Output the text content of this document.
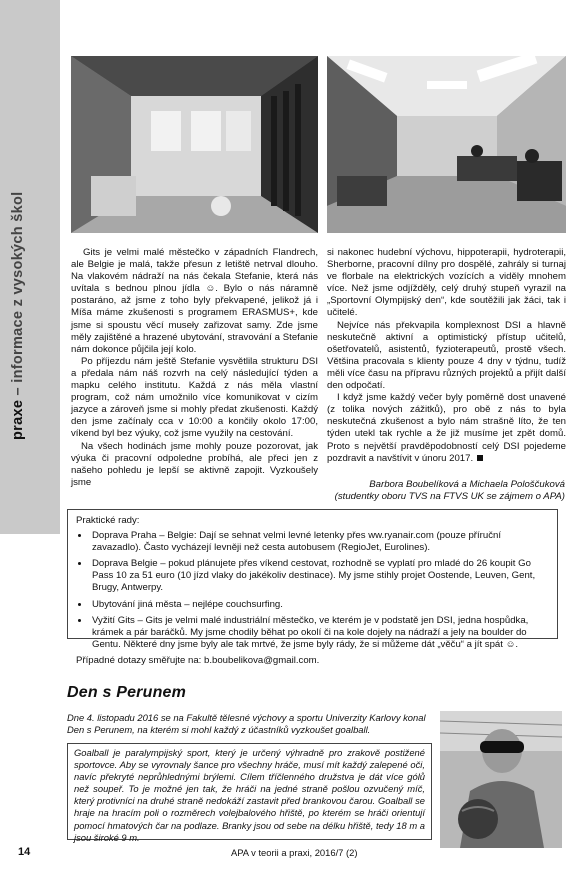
praxe – informace z vysokých škol	Gits je velmi malé městečko v západních Flandrech, ale Belgie je malá, takže přesun z letiště netrval dlouho. Na vlakovém nádraží na nás čekala Stefanie, která nás uvítala s bednou plnou jídla ☺. Bylo o nás náramně postaráno, až jsme z toho byly překvapené, jelikož já i Míša máme zkušenosti s programem ERASMUS+, kde jsme si spoustu věcí museły zařizovat samy. Zde jsme měly zajištěné a hrazené ubytování, stravování a Stefanie nám dokonce půjčila její kolo.

Po příjezdu nám ještě Stefanie vysvětlila strukturu DSI a předala nám náš rozvrh na celý následující týden a mapku celého institutu. Každá z nás měla vlastní program, což nám umožnilo více komunikovat v cizím jazyce a zároveň jsme si mohly předat zkušenosti. Každý den jsme začínaly cca v 10:00 a končily okolo 17:00, víkend byl bez výuky, což jsme využily na cestování.

Na všech hodinách jsme mohly pouze pozorovat, jak výuka či pracovní odpoledne probíhá, ale přeci jen z našeho pohledu je lepší se aktivně zapojit. Vyzkoušely jsme

si nakonec hudební výchovu, hippoterapii, hydroterapii, Sherborne, pracovní dílny pro dospělé, zahrály si turnaj ve florbale na elektrických vozících a viděly mnohem více. Než jsme odjížděly, celý druhý stupeň vyrazil na „Sportovní Olympijský den“, kde soutěžili jak žáci, tak i učitelé.

Nejvíce nás překvapila komplexnost DSI a hlavně neskutečně aktivní a optimistický přístup učitelů, ošetřovatelů, asistentů, fyzioterapeutů, prostě všech. Většina pracovala s klienty pouze 4 dny v týdnu, tudíž měli více času na přípravu různých projektů a přijít další den odpočatí.

I když jsme každý večer byly poměrně dost unavené (z tolika nových zážitků), pro obě z nás to byla neskutečná zkušenost a bylo nám strašně líto, že ten týden utekl tak rychle a že již musíme jet zpět domů. Proto s největší pravděpodobností celý DSI pojedeme pozdravit a navštívit v únoru 2017.

Barbora Boubelíková a Michaela Pološčuková
(studentky oboru TVS na FTVS UK se zájmem o APA)

Praktické rady:

• Doprava Praha – Belgie: Dají se sehnat velmi levné letenky přes ww.ryanair.com (pouze příruční zavazadlo). Často vycházejí levněji než cesta autobusem (RegioJet, Eurolines).
• Doprava Belgie – pokud plánujete přes víkend cestovat, rozhodně se vyplatí pro mladé do 26 koupit Go Pass 10 za 51 euro (10 jízd vlaky do jakékoliv destinace). My jsme stihly projet Oostende, Leuven, Gent, Brugy, Antwerpy.
• Ubytování jiná města – nejlépe couchsurfing.
• Vyžití Gits – Gits je velmi malé industriální městečko, ve kterém je v podstatě jen DSI, jedna hospůdka, krámek a pár baráčků. My jsme chodily běhat po okolí či na kole dojely na nádraží a jely na boulder do Gentu. Některé dny jsme byly ale tak mrtvé, že jsme byly rády, že si můžeme dát „věču“ a jít spát ☺.

Případné dotazy směřujte na: b.boubelikova@gmail.com.

Den s Perunem
Dne 4. listopadu 2016 se na Fakultě tělesné výchovy a sportu Univerzity Karlovy konal Den s Perunem, na kterém si mohl každý z účastníků vyzkoušet goalball.
Goalball je paralympijský sport, který je určený výhradně pro zrakově postižené sportovce. Aby se vyrovnaly šance pro všechny hráče, musí mít každý zalepené oči, navíc překryté neprůhlednými brýlemi. Cílem tříčlenného družstva je dát více gólů než soupeř. To je možné jen tak, že hráči na jedné straně pošlou ozvučený míč, který protivníci na druhé straně nedokáží zastavit před brankovou čarou. Goalball se hraje na hracím poli o rozměrech volejbalového hřiště, po kterém se hráči orientují pomocí hmatových čar na podlaze. Branky jsou od sebe na délku hřiště, tedy 18 m a jsou široké 9 m.
14	APA v teorii a praxi, 2016/7 (2)
